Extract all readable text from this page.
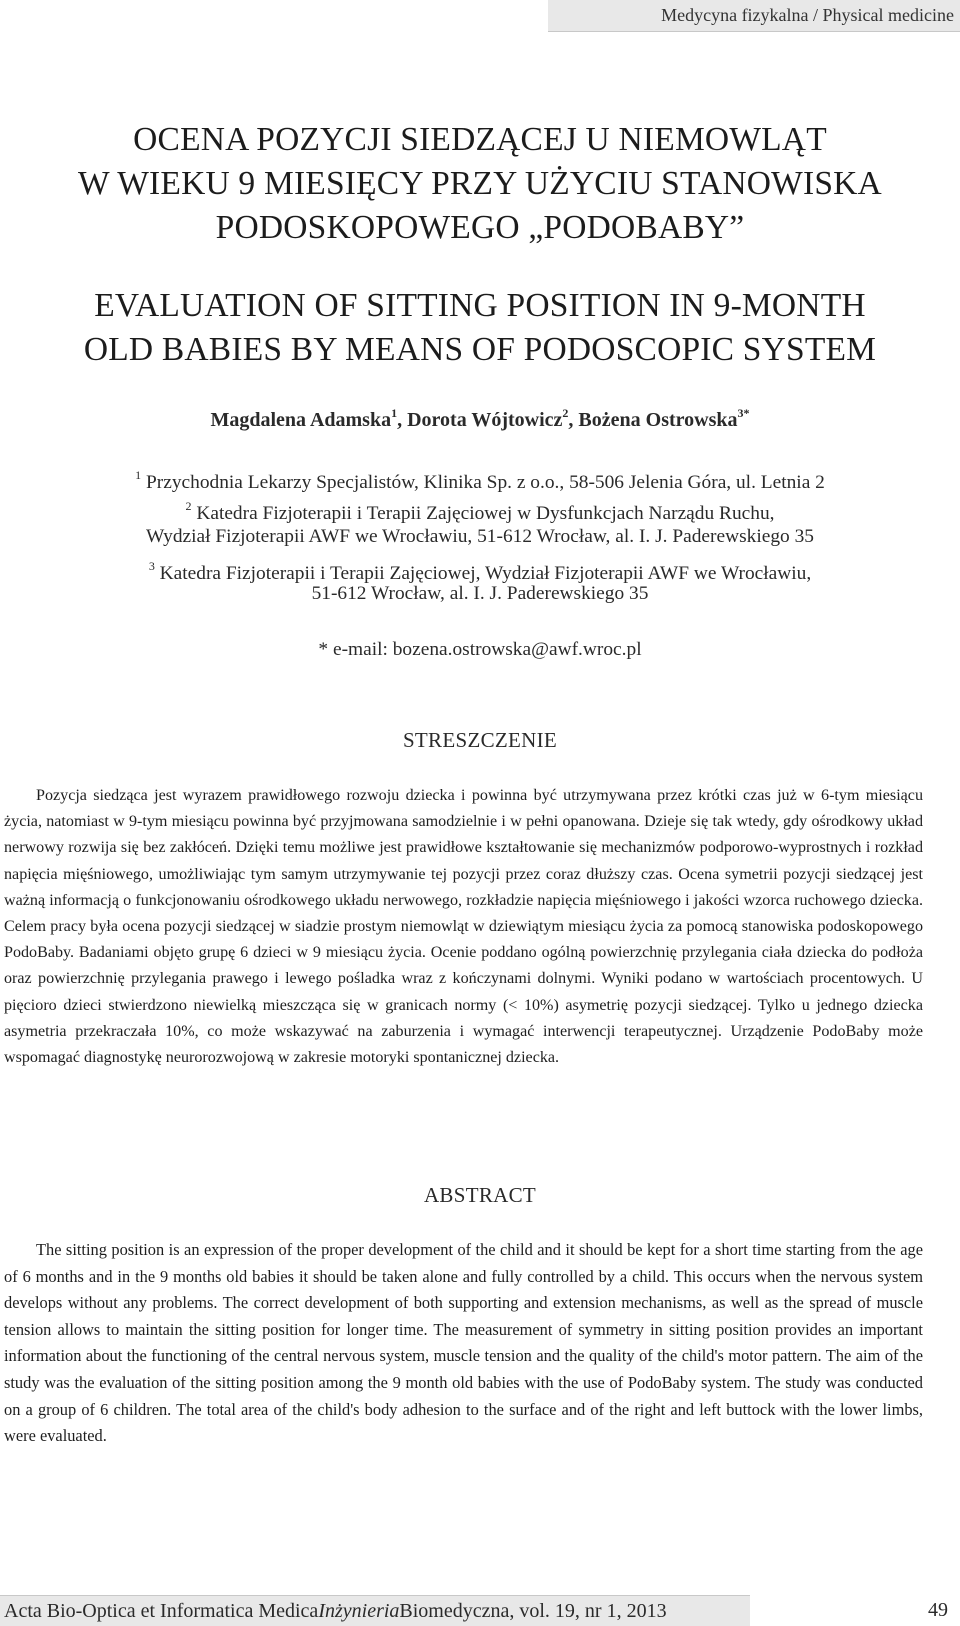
Medycyna fizykalna / Physical medicine
OCENA POZYCJI SIEDZĄCEJ U NIEMOWLĄT
W WIEKU 9 MIESIĘCY PRZY UŻYCIU STANOWISKA
PODOSKOPOWEGO „PODOBABY”
EVALUATION OF SITTING POSITION IN 9-MONTH
OLD BABIES BY MEANS OF PODOSCOPIC SYSTEM
Magdalena Adamska$^1$, Dorota Wójtowicz$^2$, Bożena Ostrowska$^{3*}$
$^1$ Przychodnia Lekarzy Specjalistów, Klinika Sp. z o.o., 58-506 Jelenia Góra, ul. Letnia 2
$^2$ Katedra Fizjoterapii i Terapii Zajęciowej w Dysfunkcjach Narządu Ruchu,
Wydział Fizjoterapii AWF we Wrocławiu, 51-612 Wrocław, al. I. J. Paderewskiego 35
$^3$ Katedra Fizjoterapii i Terapii Zajęciowej, Wydział Fizjoterapii AWF we Wrocławiu,
51-612 Wrocław, al. I. J. Paderewskiego 35
* e-mail: bozena.ostrowska@awf.wroc.pl
STRESZCZENIE

Pozycja siedząca jest wyrazem prawidłowego rozwoju dziecka i powinna być utrzymywana przez krótki czas już w 6-tym miesiącu życia, natomiast w 9-tym miesiącu powinna być przyjmowana samodzielnie i w pełni opanowana. Dzieje się tak wtedy, gdy ośrodkowy układ nerwowy rozwija się bez zakłóceń. Dzięki temu możliwe jest prawidłowe kształtowanie się mechanizmów podporowo-wyprostnych i rozkład napięcia mięśniowego, umożliwiając tym samym utrzymywanie tej pozycji przez coraz dłuższy czas. Ocena symetrii pozycji siedzącej jest ważną informacją o funkcjonowaniu ośrodkowego układu nerwowego, rozkładzie napięcia mięśniowego i jakości wzorca ruchowego dziecka. Celem pracy była ocena pozycji siedzącej w siadzie prostym niemowląt w dziewiątym miesiącu życia za pomocą stanowiska podoskopowego PodoBaby. Badaniami objęto grupę 6 dzieci w 9 miesiącu życia. Ocenie poddano ogólną powierzchnię przylegania ciała dziecka do podłoża oraz powierzchnię przylegania prawego i lewego pośladka wraz z kończynami dolnymi. Wyniki podano w wartościach procentowych. U pięcioro dzieci stwierdzono niewielką mieszcząca się w granicach normy (< 10%) asymetrię pozycji siedzącej. Tylko u jednego dziecka asymetria przekraczała 10%, co może wskazywać na zaburzenia i wymagać interwencji terapeutycznej. Urządzenie PodoBaby może wspomagać diagnostykę neurorozwojową w zakresie motoryki spontanicznej dziecka.

ABSTRACT

The sitting position is an expression of the proper development of the child and it should be kept for a short time starting from the age of 6 months and in the 9 months old babies it should be taken alone and fully controlled by a child. This occurs when the nervous system develops without any problems. The correct development of both supporting and extension mechanisms, as well as the spread of muscle tension allows to maintain the sitting position for longer time. The measurement of symmetry in sitting position provides an important information about the functioning of the central nervous system, muscle tension and the quality of the child's motor pattern. The aim of the study was the evaluation of the sitting position among the 9 month old babies with the use of PodoBaby system. The study was conducted on a group of 6 children. The total area of the child's body adhesion to the surface and of the right and left buttock with the lower limbs, were evaluated.

Acta Bio-Optica et Informatica Medica Inżynieria Biomedyczna, vol. 19, nr 1, 2013	49
